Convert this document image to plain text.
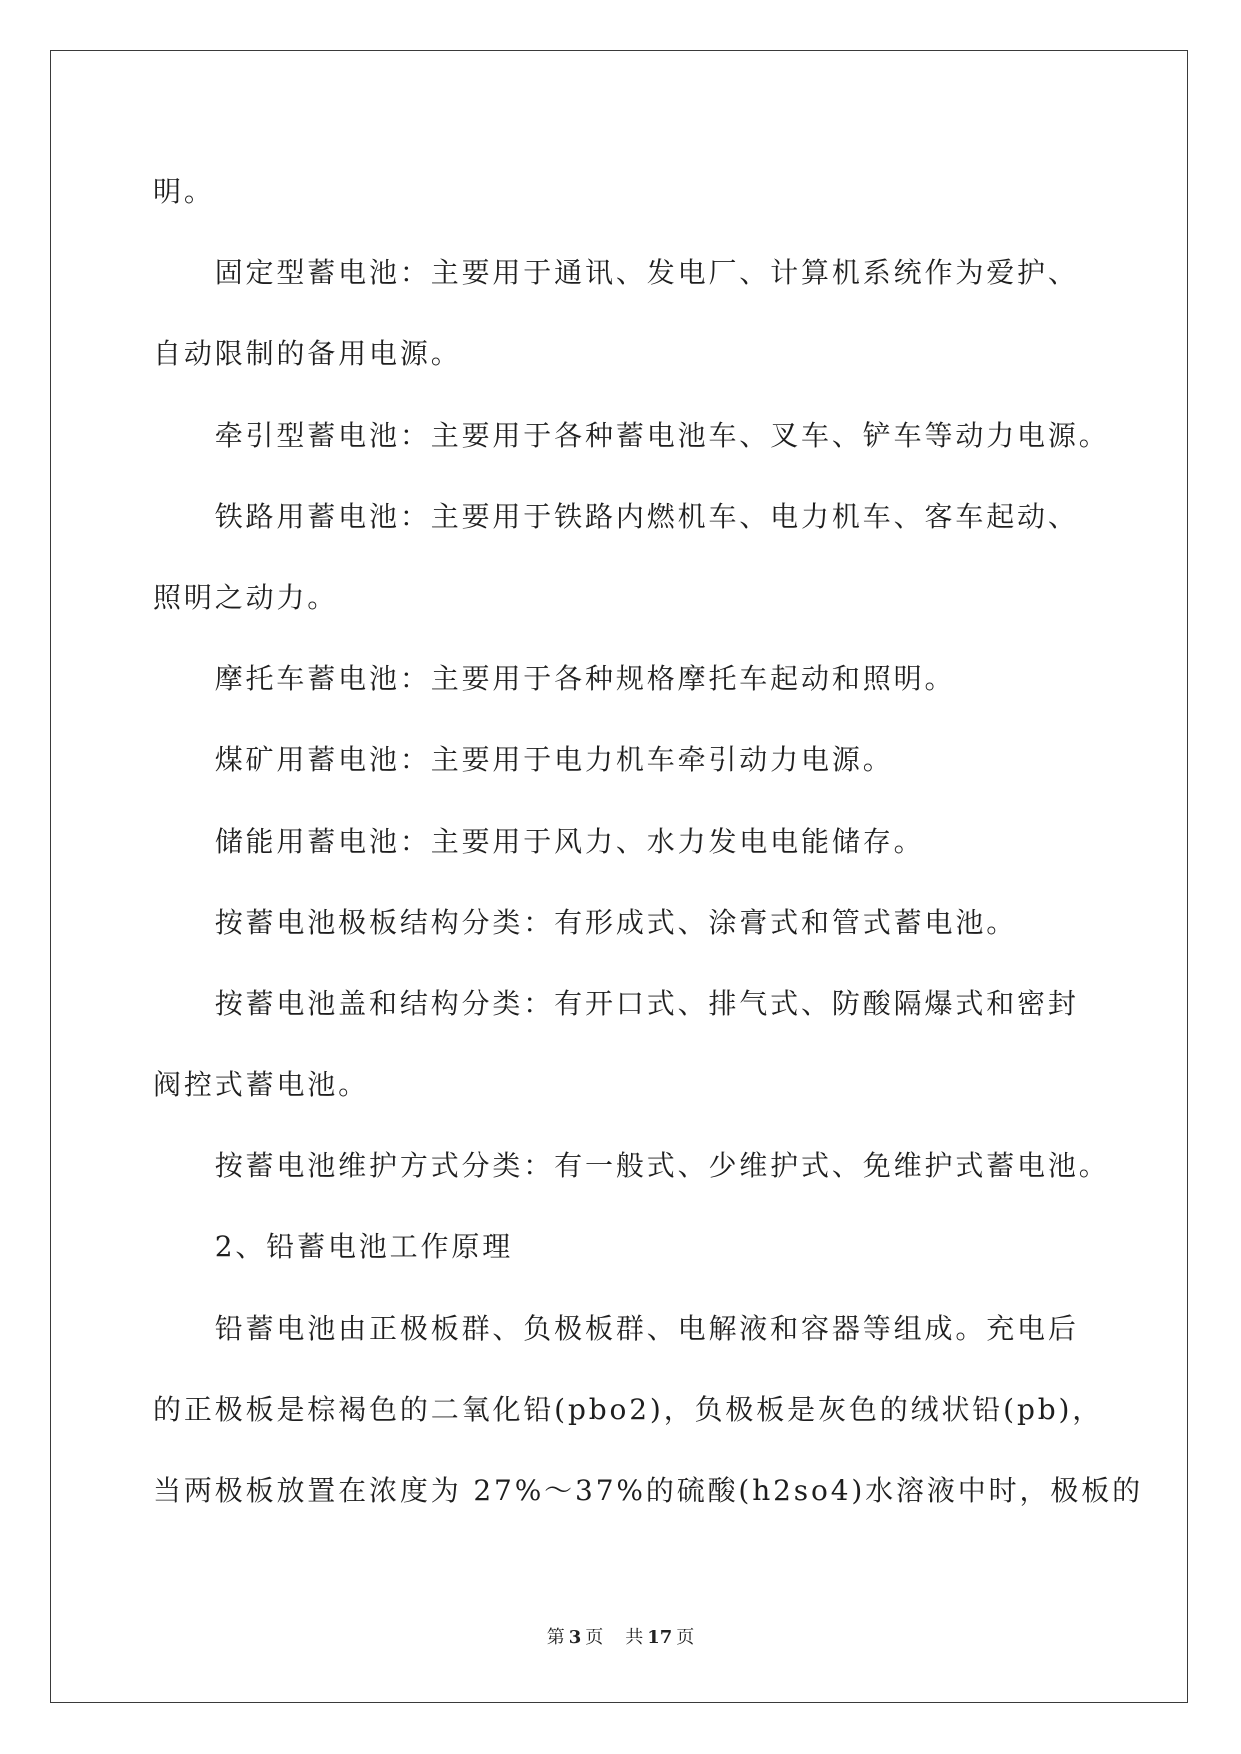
明。
固定型蓄电池：主要用于通讯、发电厂、计算机系统作为爱护、
自动限制的备用电源。
牵引型蓄电池：主要用于各种蓄电池车、叉车、铲车等动力电源。
铁路用蓄电池：主要用于铁路内燃机车、电力机车、客车起动、
照明之动力。
摩托车蓄电池：主要用于各种规格摩托车起动和照明。
煤矿用蓄电池：主要用于电力机车牵引动力电源。
储能用蓄电池：主要用于风力、水力发电电能储存。
按蓄电池极板结构分类：有形成式、涂膏式和管式蓄电池。
按蓄电池盖和结构分类：有开口式、排气式、防酸隔爆式和密封
阀控式蓄电池。
按蓄电池维护方式分类：有一般式、少维护式、免维护式蓄电池。
2、铅蓄电池工作原理
铅蓄电池由正极板群、负极板群、电解液和容器等组成。充电后
的正极板是棕褐色的二氧化铅(pbo2)，负极板是灰色的绒状铅(pb)，
当两极板放置在浓度为 27%～37%的硫酸(h2so4)水溶液中时，极板的
第 3 页 共 17 页
